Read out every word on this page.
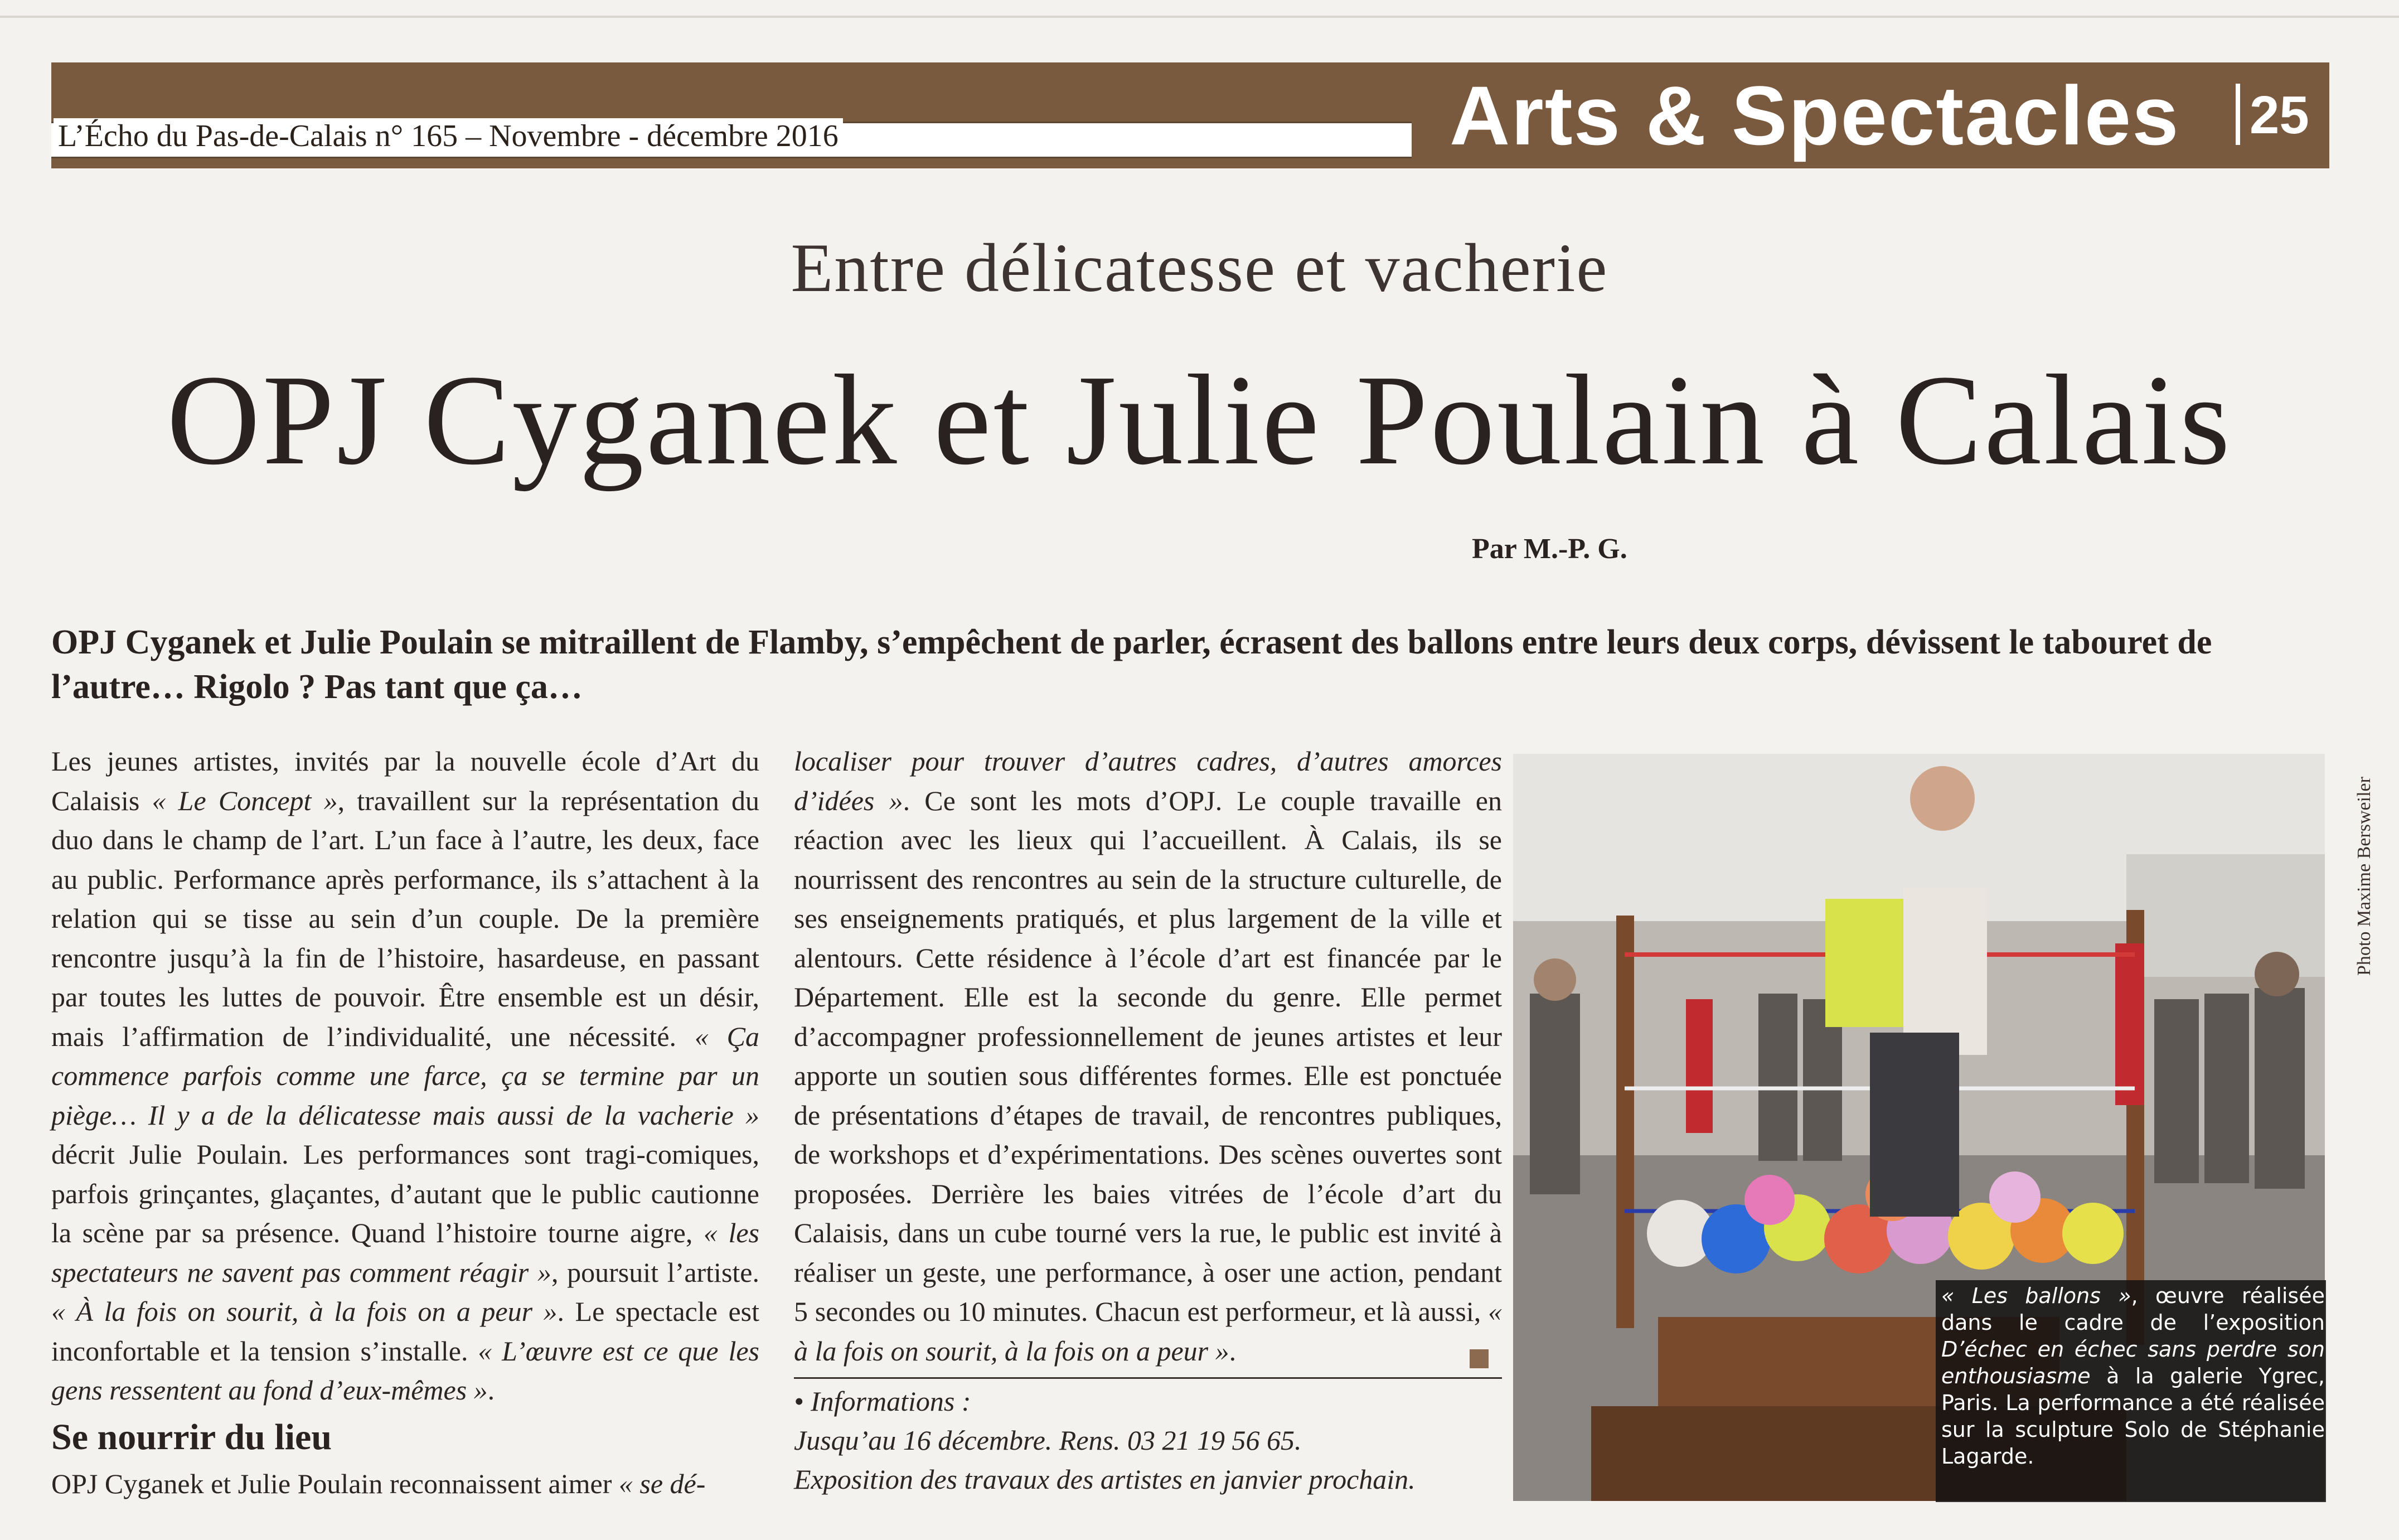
L’Écho du Pas-de-Calais n° 165 – Novembre - décembre 2016	Arts & Spectacles 25
Entre délicatesse et vacherie
OPJ Cyganek et Julie Poulain à Calais
Par M.-P. G.
OPJ Cyganek et Julie Poulain se mitraillent de Flamby, s’empêchent de parler, écrasent des ballons entre leurs deux corps, dévissent le tabouret de l’autre… Rigolo ? Pas tant que ça…

Les jeunes artistes, invités par la nouvelle école d’Art du Calaisis « Le Concept », travaillent sur la représentation du duo dans le champ de l’art. L’un face à l’autre, les deux, face au public. Performance après performance, ils s’attachent à la relation qui se tisse au sein d’un couple. De la première rencontre jusqu’à la fin de l’histoire, hasardeuse, en passant par toutes les luttes de pouvoir. Être ensemble est un désir, mais l’affirmation de l’individualité, une nécessité. « Ça commence parfois comme une farce, ça se termine par un piège… Il y a de la délicatesse mais aussi de la vacherie » décrit Julie Poulain. Les performances sont tragi-comiques, parfois grinçantes, glaçantes, d’autant que le public cautionne la scène par sa présence. Quand l’histoire tourne aigre, « les spectateurs ne savent pas comment réagir », poursuit l’artiste. « À la fois on sourit, à la fois on a peur ». Le spectacle est inconfortable et la tension s’installe. « L’œuvre est ce que les gens ressentent au fond d’eux-mêmes ».

Se nourrir du lieu
OPJ Cyganek et Julie Poulain reconnaissent aimer « se dé-

localiser pour trouver d’autres cadres, d’autres amorces d’idées ». Ce sont les mots d’OPJ. Le couple travaille en réaction avec les lieux qui l’accueillent. À Calais, ils se nourrissent des rencontres au sein de la structure culturelle, de ses enseignements pratiqués, et plus largement de la ville et alentours. Cette résidence à l’école d’art est financée par le Département. Elle est la seconde du genre. Elle permet d’accompagner professionnellement de jeunes artistes et leur apporte un soutien sous différentes formes. Elle est ponctuée de présentations d’étapes de travail, de rencontres publiques, de workshops et d’expérimentations. Des scènes ouvertes sont proposées. Derrière les baies vitrées de l’école d’art du Calaisis, dans un cube tourné vers la rue, le public est invité à réaliser un geste, une performance, à oser une action, pendant 5 secondes ou 10 minutes. Chacun est performeur, et là aussi, « à la fois on sourit, à la fois on a peur ».

• Informations :
Jusqu’au 16 décembre. Rens. 03 21 19 56 65.
Exposition des travaux des artistes en janvier prochain.
Photo Maxime Bersweiler
« Les ballons », œuvre réalisée dans le cadre de l’exposition D’échec en échec sans perdre son enthousiasme à la galerie Ygrec, Paris. La performance a été réalisée sur la sculpture Solo de Stéphanie Lagarde.
